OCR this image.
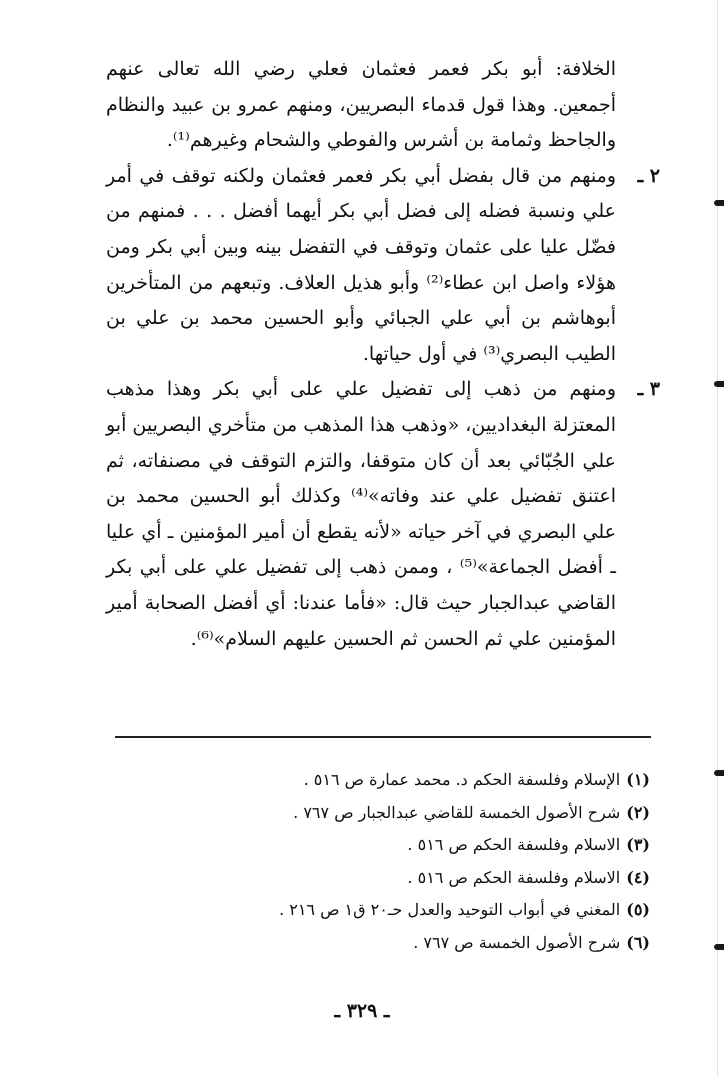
الخلافة: أبو بكر فعمر فعثمان فعلي رضي الله تعالى عنهم أجمعين. وهذا قول قدماء البصريين، ومنهم عمرو بن عبيد والنظام والجاحظ وثمامة بن أشرس والفوطي والشحام وغيرهم⁽¹⁾.

٢ ـ

ومنهم من قال بفضل أبي بكر فعمر فعثمان ولكنه توقف في أمر علي ونسبة فضله إلى فضل أبي بكر أيهما أفضل . . . فمنهم من فضّل عليا على عثمان وتوقف في التفضل بينه وبين أبي بكر ومن هؤلاء واصل ابن عطاء⁽²⁾ وأبو هذيل العلاف. وتبعهم من المتأخرين أبوهاشم بن أبي علي الجبائي وأبو الحسين محمد بن علي بن الطيب البصري⁽³⁾ في أول حياتها.

٣ ـ

ومنهم من ذهب إلى تفضيل علي على أبي بكر وهذا مذهب المعتزلة البغداديين، «وذهب هذا المذهب من متأخري البصريين أبو علي الجُبّائي بعد أن كان متوقفا، والتزم التوقف في مصنفاته، ثم اعتنق تفضيل علي عند وفاته»⁽⁴⁾ وكذلك أبو الحسين محمد بن علي البصري في آخر حياته «لأنه يقطع أن أمير المؤمنين ـ أي عليا ـ أفضل الجماعة»⁽⁵⁾ ، وممن ذهب إلى تفضيل علي على أبي بكر القاضي عبدالجبار حيث قال: «فأما عندنا: أي أفضل الصحابة أمير المؤمنين علي ثم الحسن ثم الحسين عليهم السلام»⁽⁶⁾.

(١)الإسلام وفلسفة الحكم د. محمد عمارة ص ٥١٦ .

(٢)شرح الأصول الخمسة للقاضي عبدالجبار ص ٧٦٧ .

(٣)الاسلام وفلسفة الحكم ص ٥١٦ .

(٤)الاسلام وفلسفة الحكم ص ٥١٦ .

(٥)المغني في أبواب التوحيد والعدل حـ٢٠ ق١ ص ٢١٦ .

(٦)شرح الأصول الخمسة ص ٧٦٧ .

ـ ٣٢٩ ـ
